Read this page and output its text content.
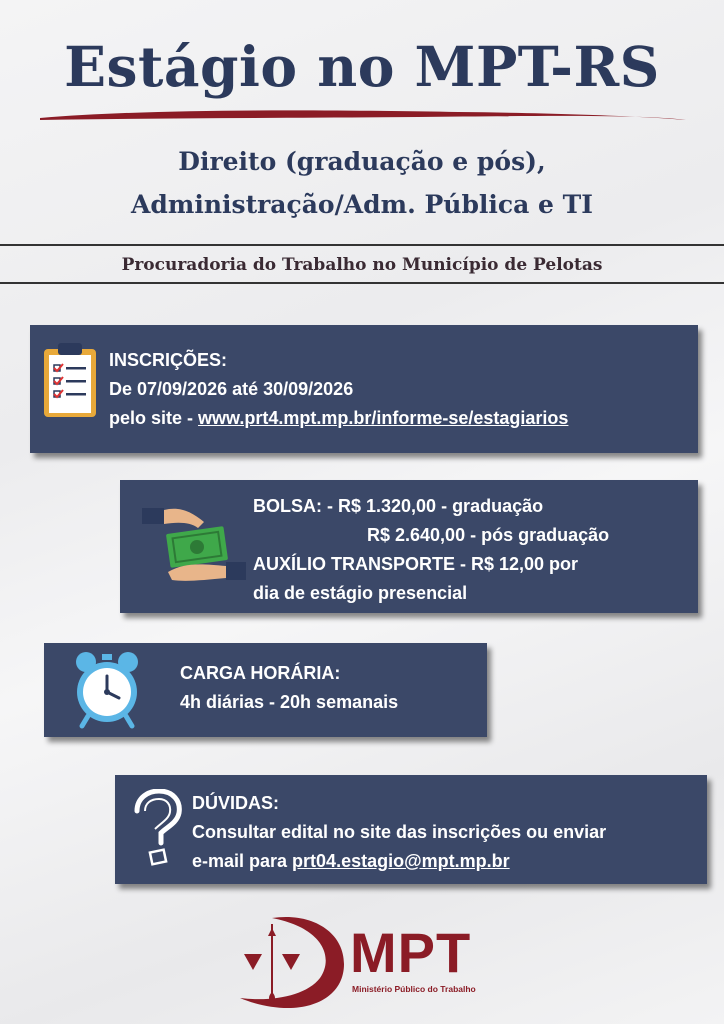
Estágio no MPT-RS
Direito (graduação e pós),
Administração/Adm. Pública e TI
Procuradoria do Trabalho no Município de Pelotas
INSCRIÇÕES:
De 07/09/2026 até 30/09/2026
pelo site - www.prt4.mpt.mp.br/informe-se/estagiarios
BOLSA: - R$ 1.320,00 - graduação
R$ 2.640,00 - pós graduação
AUXÍLIO TRANSPORTE - R$ 12,00 por
dia de estágio presencial
CARGA HORÁRIA:
4h diárias - 20h semanais
DÚVIDAS:
Consultar edital no site das inscrições ou enviar
e-mail para prt04.estagio@mpt.mp.br
MPT
Ministério Público do Trabalho
